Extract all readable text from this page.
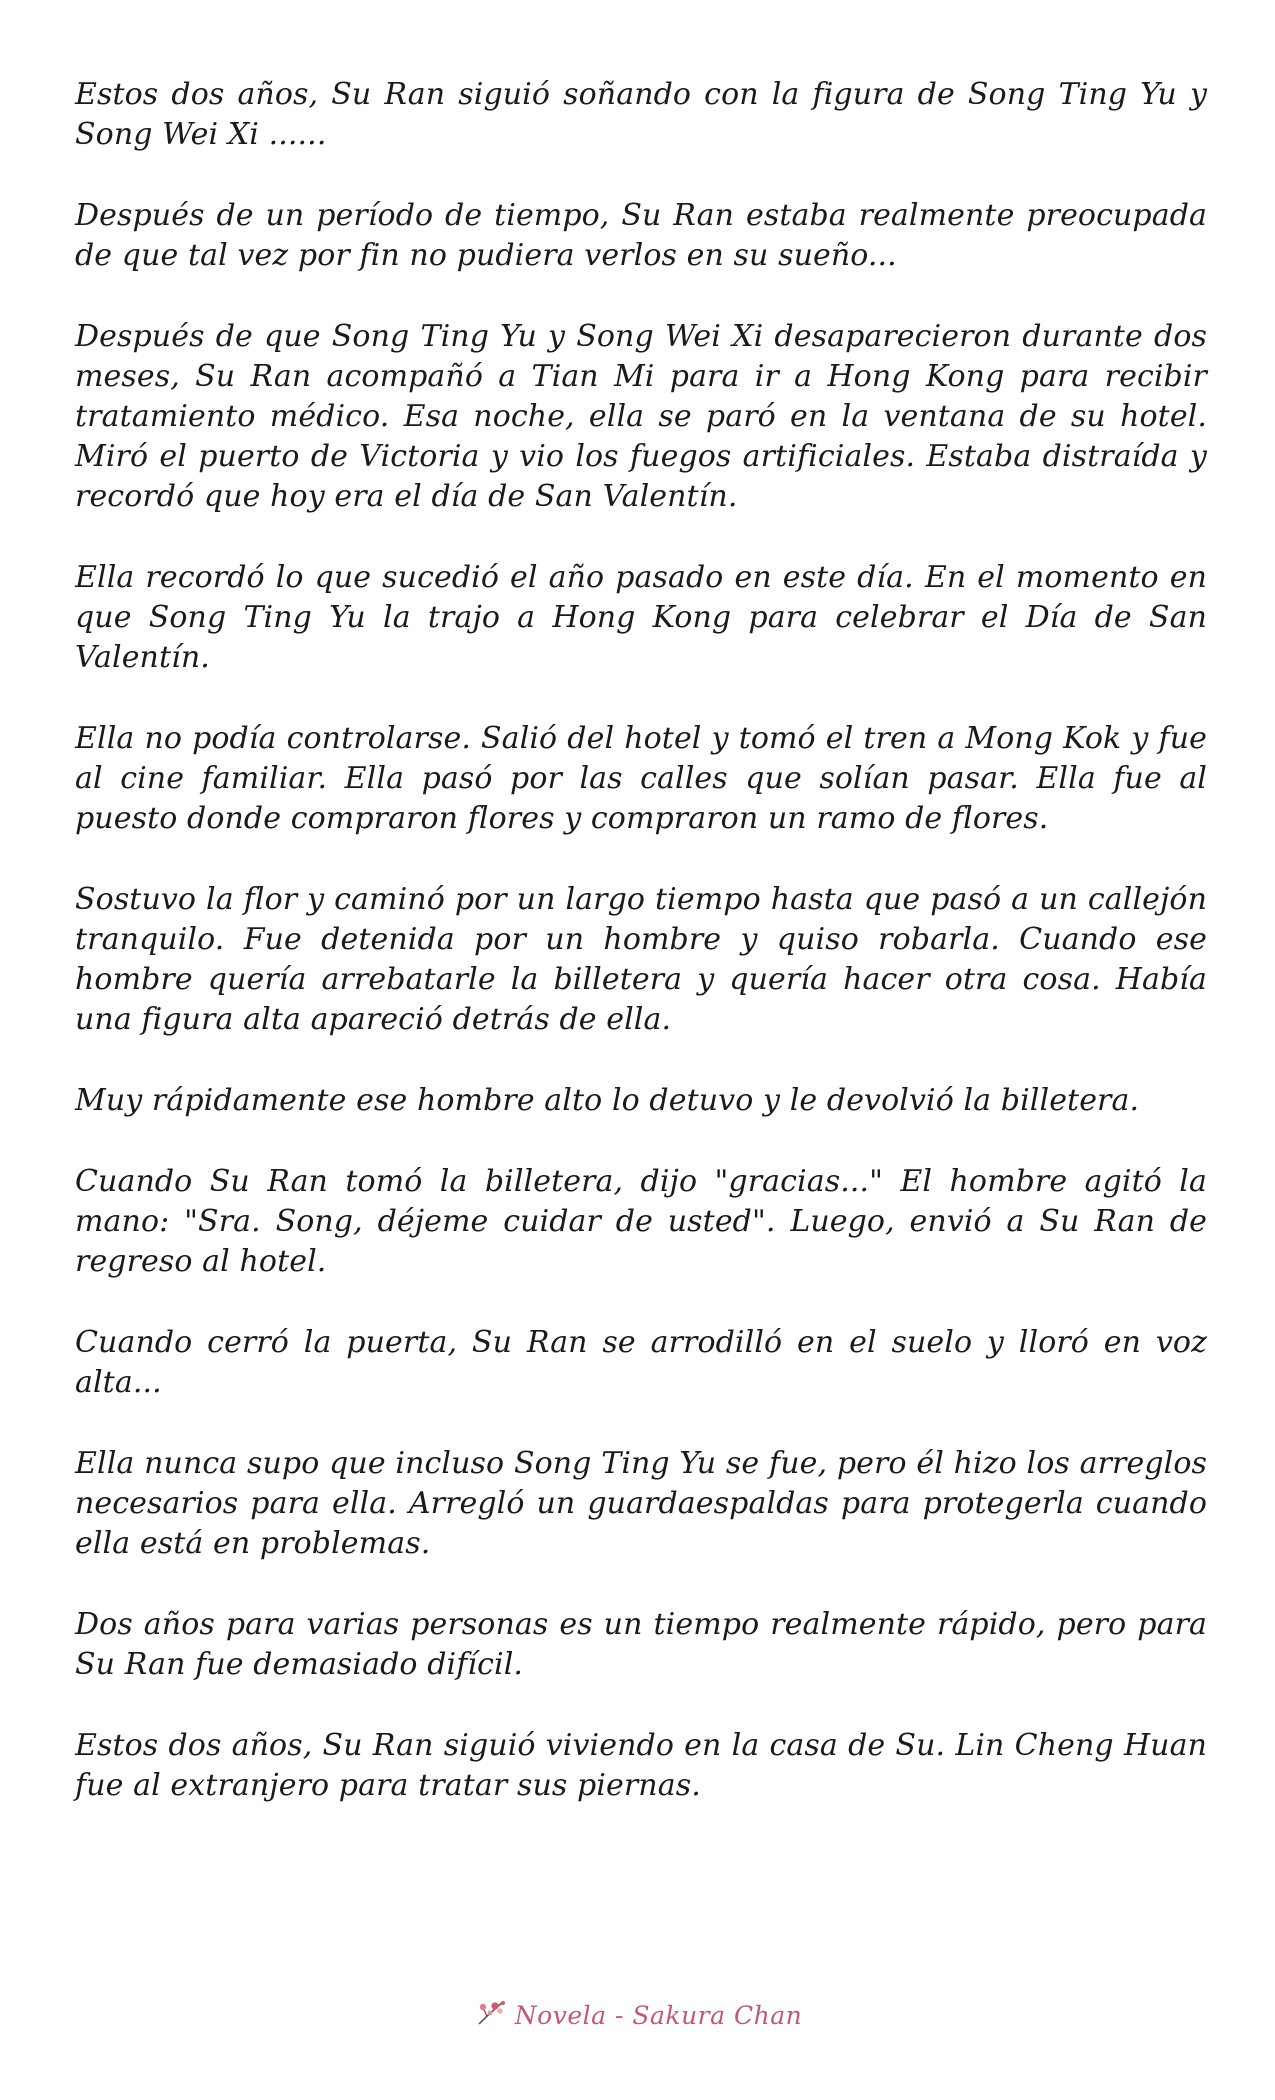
Estos dos años, Su Ran siguió soñando con la figura de Song Ting Yu y Song Wei Xi ......

Después de un período de tiempo, Su Ran estaba realmente preocupada de que tal vez por fin no pudiera verlos en su sueño...

Después de que Song Ting Yu y Song Wei Xi desaparecieron durante dos meses, Su Ran acompañó a Tian Mi para ir a Hong Kong para recibir tratamiento médico. Esa noche, ella se paró en la ventana de su hotel. Miró el puerto de Victoria y vio los fuegos artificiales. Estaba distraída y recordó que hoy era el día de San Valentín.

Ella recordó lo que sucedió el año pasado en este día. En el momento en que Song Ting Yu la trajo a Hong Kong para celebrar el Día de San Valentín.

Ella no podía controlarse. Salió del hotel y tomó el tren a Mong Kok y fue al cine familiar. Ella pasó por las calles que solían pasar. Ella fue al puesto donde compraron flores y compraron un ramo de flores.

Sostuvo la flor y caminó por un largo tiempo hasta que pasó a un callejón tranquilo. Fue detenida por un hombre y quiso robarla. Cuando ese hombre quería arrebatarle la billetera y quería hacer otra cosa. Había una figura alta apareció detrás de ella.

Muy rápidamente ese hombre alto lo detuvo y le devolvió la billetera.

Cuando Su Ran tomó la billetera, dijo "gracias..." El hombre agitó la mano: "Sra. Song, déjeme cuidar de usted". Luego, envió a Su Ran de regreso al hotel.

Cuando cerró la puerta, Su Ran se arrodilló en el suelo y lloró en voz alta...

Ella nunca supo que incluso Song Ting Yu se fue, pero él hizo los arreglos necesarios para ella. Arregló un guardaespaldas para protegerla cuando ella está en problemas.

Dos años para varias personas es un tiempo realmente rápido, pero para Su Ran fue demasiado difícil.

Estos dos años, Su Ran siguió viviendo en la casa de Su. Lin Cheng Huan fue al extranjero para tratar sus piernas.

Novela - Sakura Chan
